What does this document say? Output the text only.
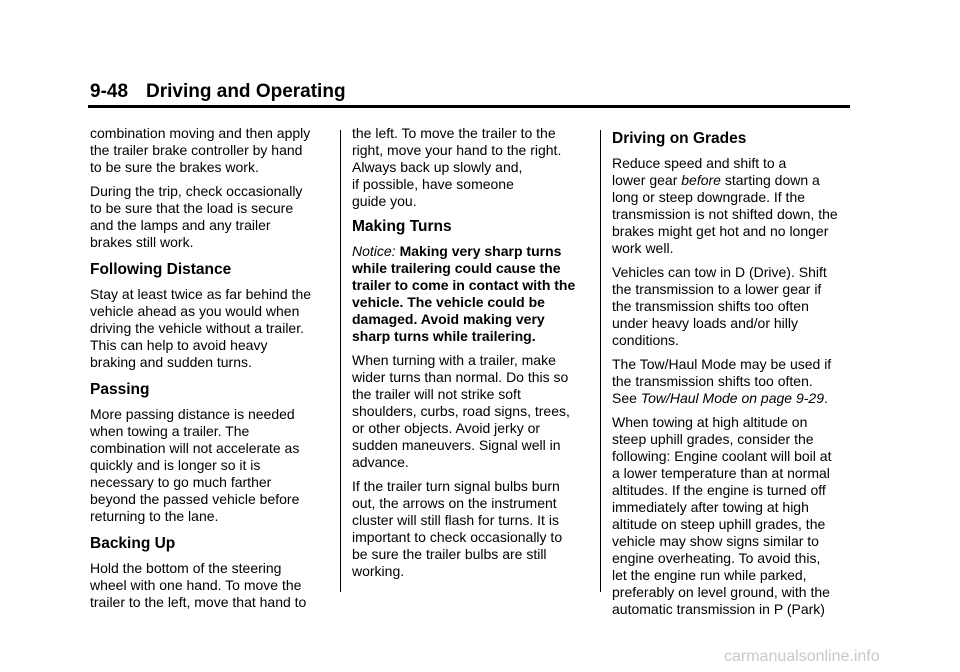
9-48 Driving and Operating

combination moving and then apply
the trailer brake controller by hand
to be sure the brakes work.

During the trip, check occasionally
to be sure that the load is secure
and the lamps and any trailer
brakes still work.

Following Distance

Stay at least twice as far behind the
vehicle ahead as you would when
driving the vehicle without a trailer.
This can help to avoid heavy
braking and sudden turns.

Passing

More passing distance is needed
when towing a trailer. The
combination will not accelerate as
quickly and is longer so it is
necessary to go much farther
beyond the passed vehicle before
returning to the lane.

Backing Up

Hold the bottom of the steering
wheel with one hand. To move the
trailer to the left, move that hand to

the left. To move the trailer to the
right, move your hand to the right.
Always back up slowly and,
if possible, have someone
guide you.

Making Turns

Notice: Making very sharp turns
while trailering could cause the
trailer to come in contact with the
vehicle. The vehicle could be
damaged. Avoid making very
sharp turns while trailering.

When turning with a trailer, make
wider turns than normal. Do this so
the trailer will not strike soft
shoulders, curbs, road signs, trees,
or other objects. Avoid jerky or
sudden maneuvers. Signal well in
advance.

If the trailer turn signal bulbs burn
out, the arrows on the instrument
cluster will still flash for turns. It is
important to check occasionally to
be sure the trailer bulbs are still
working.

Driving on Grades

Reduce speed and shift to a
lower gear before starting down a
long or steep downgrade. If the
transmission is not shifted down, the
brakes might get hot and no longer
work well.

Vehicles can tow in D (Drive). Shift
the transmission to a lower gear if
the transmission shifts too often
under heavy loads and/or hilly
conditions.

The Tow/Haul Mode may be used if
the transmission shifts too often.
See Tow/Haul Mode on page 9-29.

When towing at high altitude on
steep uphill grades, consider the
following: Engine coolant will boil at
a lower temperature than at normal
altitudes. If the engine is turned off
immediately after towing at high
altitude on steep uphill grades, the
vehicle may show signs similar to
engine overheating. To avoid this,
let the engine run while parked,
preferably on level ground, with the
automatic transmission in P (Park)

carmanualsonline.info
